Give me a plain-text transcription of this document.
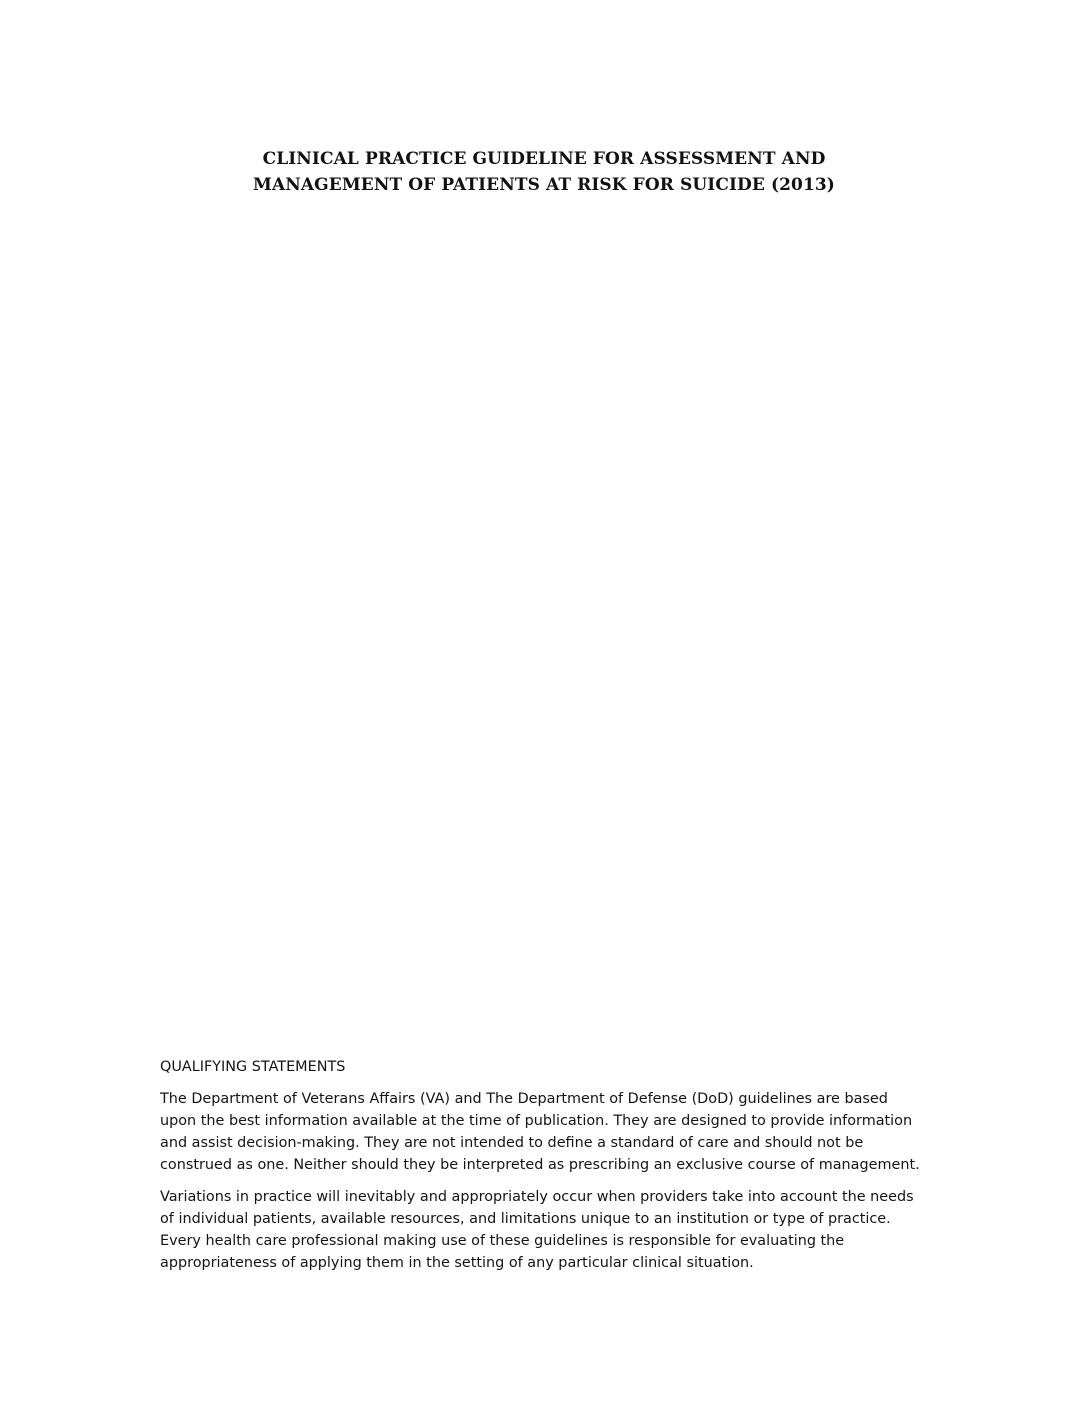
CLINICAL PRACTICE GUIDELINE FOR ASSESSMENT AND
MANAGEMENT OF PATIENTS AT RISK FOR SUICIDE (2013)
QUALIFYING STATEMENTS
The Department of Veterans Affairs (VA) and The Department of Defense (DoD) guidelines are based
upon the best information available at the time of publication. They are designed to provide information
and assist decision-making. They are not intended to define a standard of care and should not be
construed as one. Neither should they be interpreted as prescribing an exclusive course of management.
Variations in practice will inevitably and appropriately occur when providers take into account the needs
of individual patients, available resources, and limitations unique to an institution or type of practice.
Every health care professional making use of these guidelines is responsible for evaluating the
appropriateness of applying them in the setting of any particular clinical situation.
